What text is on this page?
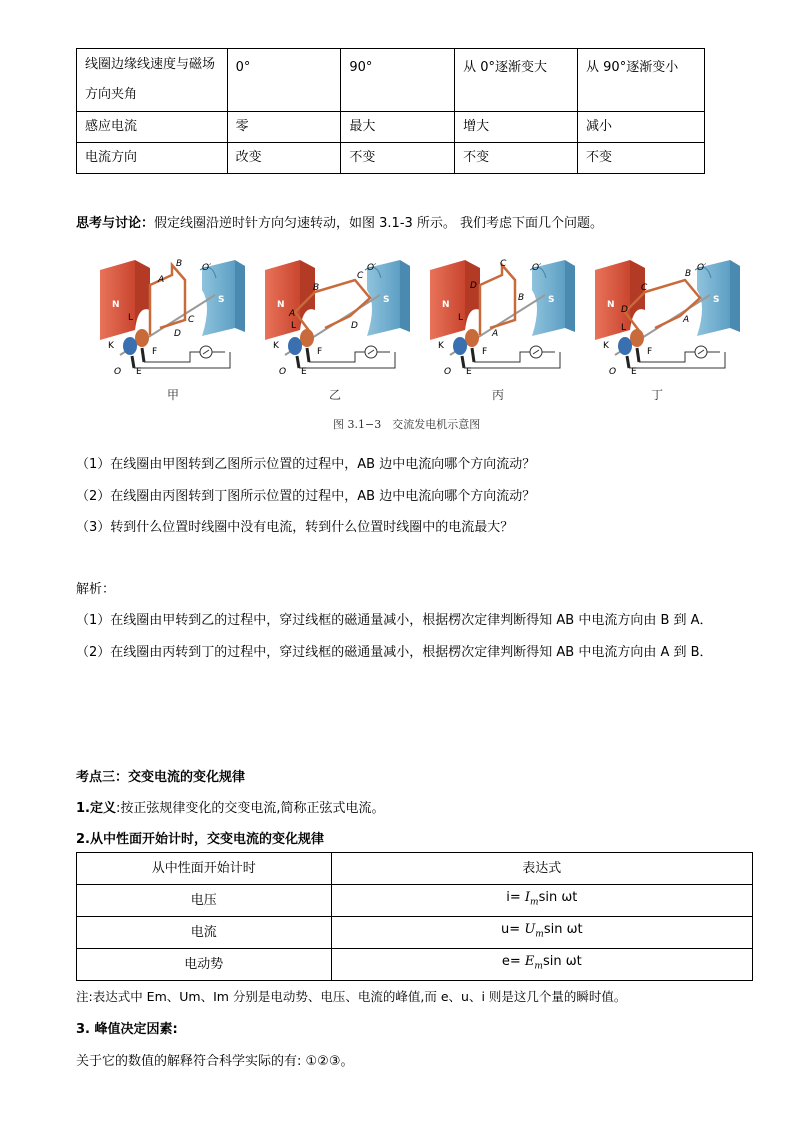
线圈边缘线速度与磁场方向夹角	0°	90°	从 0°逐渐变大	从 90°逐渐变小
感应电流	零	最大	增大	减小
电流方向	改变	不变	不变	不变
思考与讨论：假定线圈沿逆时针方向匀速转动，如图 3.1-3 所示。 我们考虑下面几个问题。
N	S
A
B
C
D
L
K
F
E
O
O′
N	S
A
B
C
D
L
K
F
E
O
O′
N	S
D
C
B
A
L
K
F
E
O
O′
N	S
C
D
B
A
L
K
F
E
O
O′
甲	乙	丙	丁
图 3.1−3　交流发电机示意图
（1）在线圈由甲图转到乙图所示位置的过程中，AB 边中电流向哪个方向流动？
（2）在线圈由丙图转到丁图所示位置的过程中，AB 边中电流向哪个方向流动？
（3）转到什么位置时线圈中没有电流，转到什么位置时线圈中的电流最大？
解析：
（1）在线圈由甲转到乙的过程中，穿过线框的磁通量减小，根据楞次定律判断得知 AB 中电流方向由 B 到 A．
（2）在线圈由丙转到丁的过程中，穿过线框的磁通量减小，根据楞次定律判断得知 AB 中电流方向由 A 到 B．
考点三：交变电流的变化规律
1.定义:按正弦规律变化的交变电流,简称正弦式电流。
2.从中性面开始计时，交变电流的变化规律
从中性面开始计时	表达式
电压	$i= I_m\sin$ ωt
电流	$u= U_m\sin$ ωt
电动势	$e= E_m\sin$ ωt
注:表达式中 Em、Um、Im 分别是电动势、电压、电流的峰值,而 e、u、i 则是这几个量的瞬时值。
3. 峰值决定因素:
关于它的数值的解释符合科学实际的有: ①②③。
